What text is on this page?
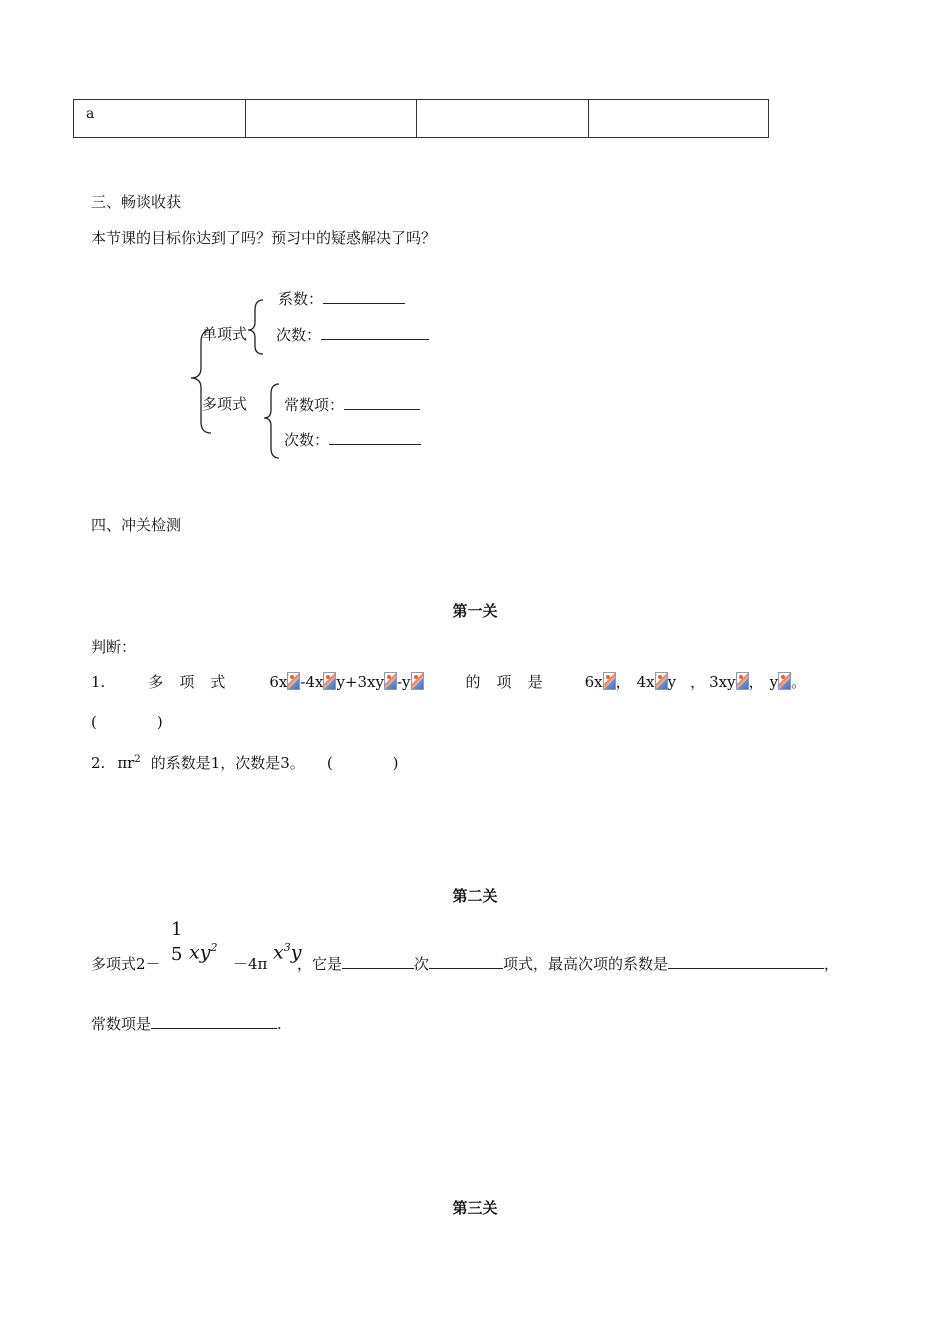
a			
三、畅谈收获
本节课的目标你达到了吗？预习中的疑惑解决了吗？
单项式
多项式
系数：
次数：
常数项：
次数：
四、冲关检测
第一关
判断：
1.	多 项 式	6x -4x y+3xy -y	的 项 是	6x ， 4x y ， 3xy ， y 。
(　　　　)
2. $\pi r^2$ 的系数是1，次数是3。 (　　　　)
第二关
多项式2－
1
5 $xy^2$
－4π
$x^3y$
，它是	次	项式，最高次项的系数是	，
常数项是	.
第三关
